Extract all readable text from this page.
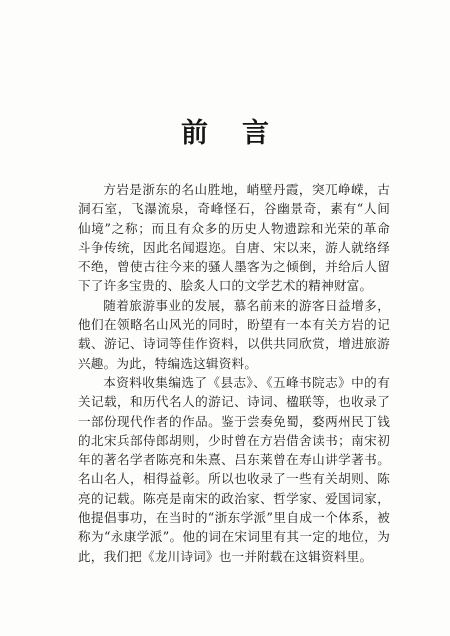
前言

方岩是浙东的名山胜地，峭壁丹霞，突兀峥嵘，古洞石室，飞瀑流泉，奇峰怪石，谷幽景奇，素有“人间仙境”之称；而且有众多的历史人物遗踪和光荣的革命斗争传统，因此名闻遐迩。自唐、宋以来，游人就络绎不绝，曾使古往今来的骚人墨客为之倾倒，并给后人留下了许多宝贵的、脍炙人口的文学艺术的精神财富。

随着旅游事业的发展，慕名前来的游客日益增多，他们在领略名山风光的同时，盼望有一本有关方岩的记载、游记、诗词等佳作资料，以供共同欣赏，增进旅游兴趣。为此，特编选这辑资料。

本资料收集编选了《县志》、《五峰书院志》中的有关记载，和历代名人的游记、诗词、楹联等，也收录了一部份现代作者的作品。鉴于尝奏免蜀，婺两州民丁钱的北宋兵部侍郎胡则，少时曾在方岩借舍读书；南宋初年的著名学者陈亮和朱熹、吕东莱曾在寿山讲学著书。名山名人，相得益彰。所以也收录了一些有关胡则、陈亮的记载。陈亮是南宋的政治家、哲学家、爱国词家，他提倡事功，在当时的“浙东学派”里自成一个体系，被称为“永康学派”。他的词在宋词里有其一定的地位，为此，我们把《龙川诗词》也一并附载在这辑资料里。
